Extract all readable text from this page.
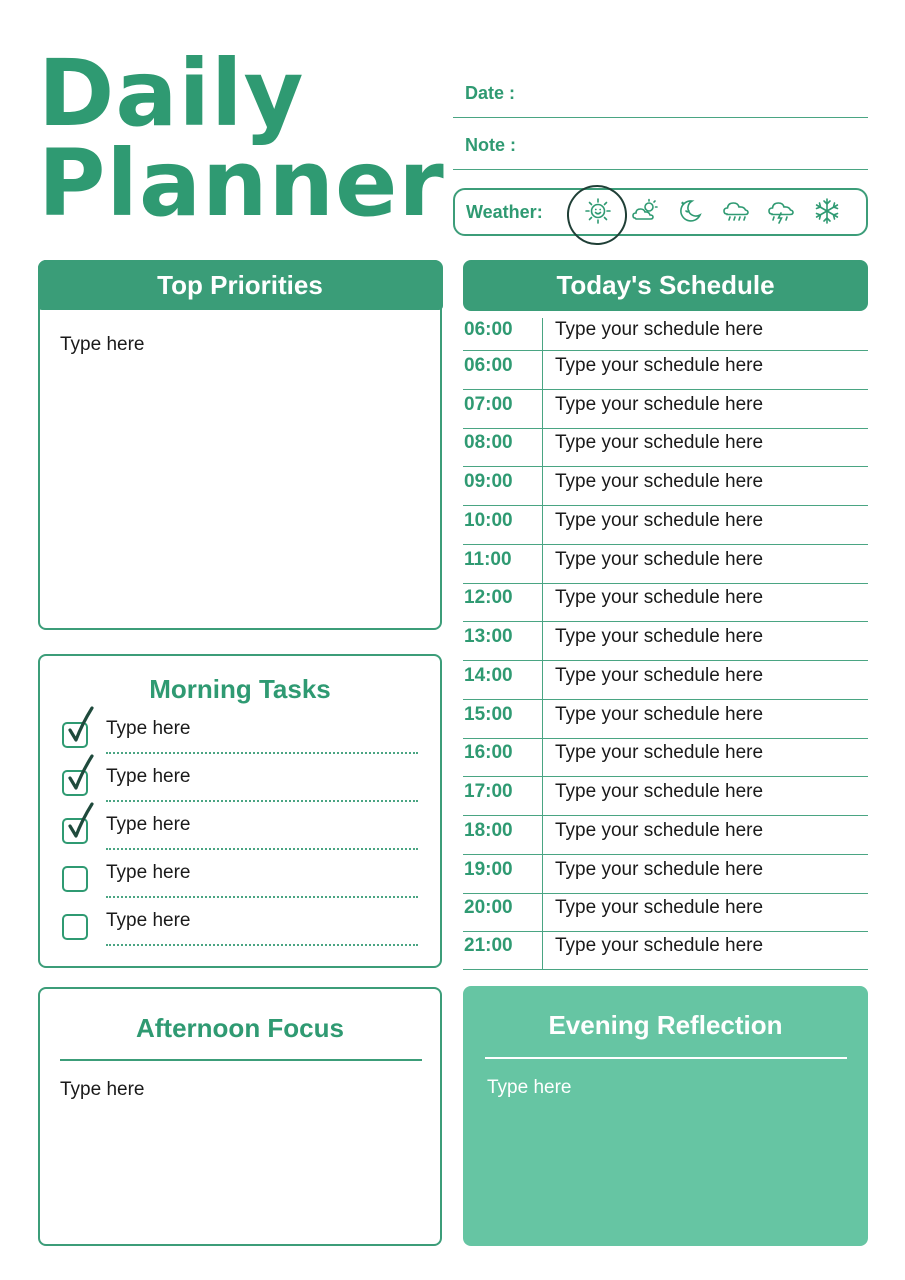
Daily
Planner
Date :
Note :
Weather:
Top Priorities
Type here
Morning Tasks
Type here
Type here
Type here
Type here
Type here
Afternoon Focus
Type here
Today's Schedule
06:00 Type your schedule here
06:00 Type your schedule here
07:00 Type your schedule here
08:00 Type your schedule here
09:00 Type your schedule here
10:00 Type your schedule here
11:00 Type your schedule here
12:00 Type your schedule here
13:00 Type your schedule here
14:00 Type your schedule here
15:00 Type your schedule here
16:00 Type your schedule here
17:00 Type your schedule here
18:00 Type your schedule here
19:00 Type your schedule here
20:00 Type your schedule here
21:00 Type your schedule here
Evening Reflection
Type here
